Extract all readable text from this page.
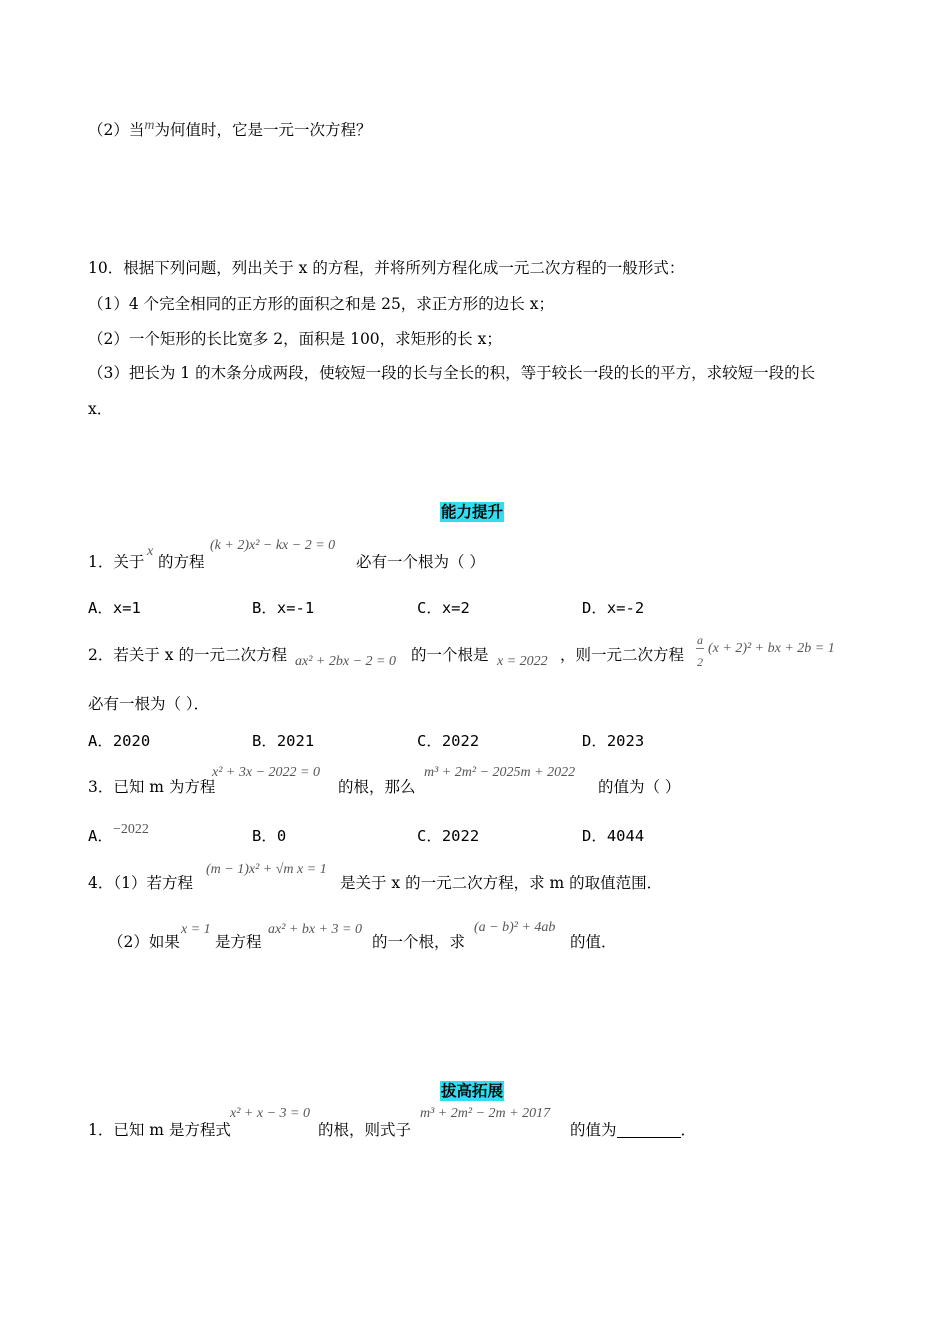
（2）当m为何值时，它是一元一次方程？
10．根据下列问题，列出关于 x 的方程，并将所列方程化成一元二次方程的一般形式：
（1）4 个完全相同的正方形的面积之和是 25，求正方形的边长 x；
（2）一个矩形的长比宽多 2，面积是 100，求矩形的长 x；
（3）把长为 1 的木条分成两段，使较短一段的长与全长的积，等于较长一段的长的平方，求较短一段的长
x．
能力提升
1．关于
x
的方程
(k + 2)x² − kx − 2 = 0
必有一个根为（ ）
A．x=1	B．x=-1	C．x=2	D．x=-2
2．若关于 x 的一元二次方程 ax² + 2bx − 2 = 0 的一个根是 x = 2022 ，则一元二次方程
a
2
(x + 2)² + bx + 2b = 1
必有一根为（ ）．
A．2020	B．2021	C．2022	D．2023
3．已知 m 为方程
x² + 3x − 2022 = 0
的根，那么
m³ + 2m² − 2025m + 2022
的值为（ ）
A． −2022	B．0	C．2022	D．4044
4．（1）若方程
(m − 1)x² + √m x = 1
是关于 x 的一元二次方程，求 m 的取值范围．
（2）如果
x = 1
是方程
ax² + bx + 3 = 0
的一个根，求
(a − b)² + 4ab
的值．
拔高拓展
1．已知 m 是方程式
x² + x − 3 = 0
的根，则式子
m³ + 2m² − 2m + 2017
的值为	．
